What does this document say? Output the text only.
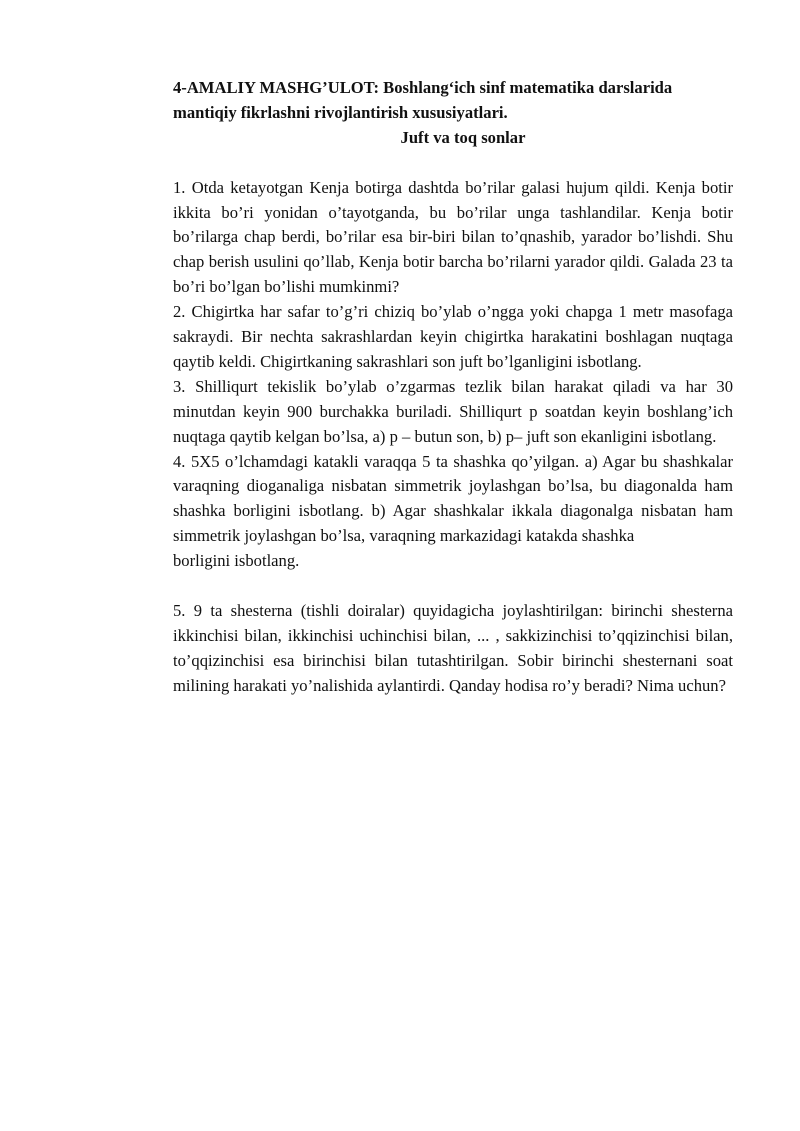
4-AMALIY MASHG’ULOT: Boshlang‘ich sinf matematika darslarida mantiqiy fikrlashni rivojlantirish xususiyatlari.

Juft va toq sonlar

1. Otda ketayotgan Kenja botirga dashtda bo’rilar galasi hujum qildi. Kenja botir ikkita bo’ri yonidan o’tayotganda, bu bo’rilar unga tashlandilar. Kenja botir bo’rilarga chap berdi, bo’rilar esa bir-biri bilan to’qnashib, yarador bo’lishdi. Shu chap berish usulini qo’llab, Kenja botir barcha bo’rilarni yarador qildi. Galada 23 ta bo’ri bo’lgan bo’lishi mumkinmi?

2. Chigirtka har safar to’g’ri chiziq bo’ylab o’ngga yoki chapga 1 metr masofaga sakraydi. Bir nechta sakrashlardan keyin chigirtka harakatini boshlagan nuqtaga qaytib keldi. Chigirtkaning sakrashlari son juft bo’lganligini isbotlang.

3. Shilliqurt tekislik bo’ylab o’zgarmas tezlik bilan harakat qiladi va har 30 minutdan keyin 900 burchakka buriladi. Shilliqurt p soatdan keyin boshlang’ich nuqtaga qaytib kelgan bo’lsa, a) p – butun son, b) p– juft son ekanligini isbotlang.

4. 5X5 o’lchamdagi katakli varaqqa 5 ta shashka qo’yilgan. a) Agar bu shashkalar varaqning dioganaliga nisbatan simmetrik joylashgan bo’lsa, bu diagonalda ham shashka borligini isbotlang. b) Agar shashkalar ikkala diagonalga nisbatan ham simmetrik joylashgan bo’lsa, varaqning markazidagi katakda shashka

borligini isbotlang.

5. 9 ta shesterna (tishli doiralar) quyidagicha joylashtirilgan: birinchi shesterna ikkinchisi bilan, ikkinchisi uchinchisi bilan, ... , sakkizinchisi to’qqizinchisi bilan, to’qqizinchisi esa birinchisi bilan tutashtirilgan. Sobir birinchi shesternani soat milining harakati yo’nalishida aylantirdi. Qanday hodisa ro’y beradi? Nima uchun?
